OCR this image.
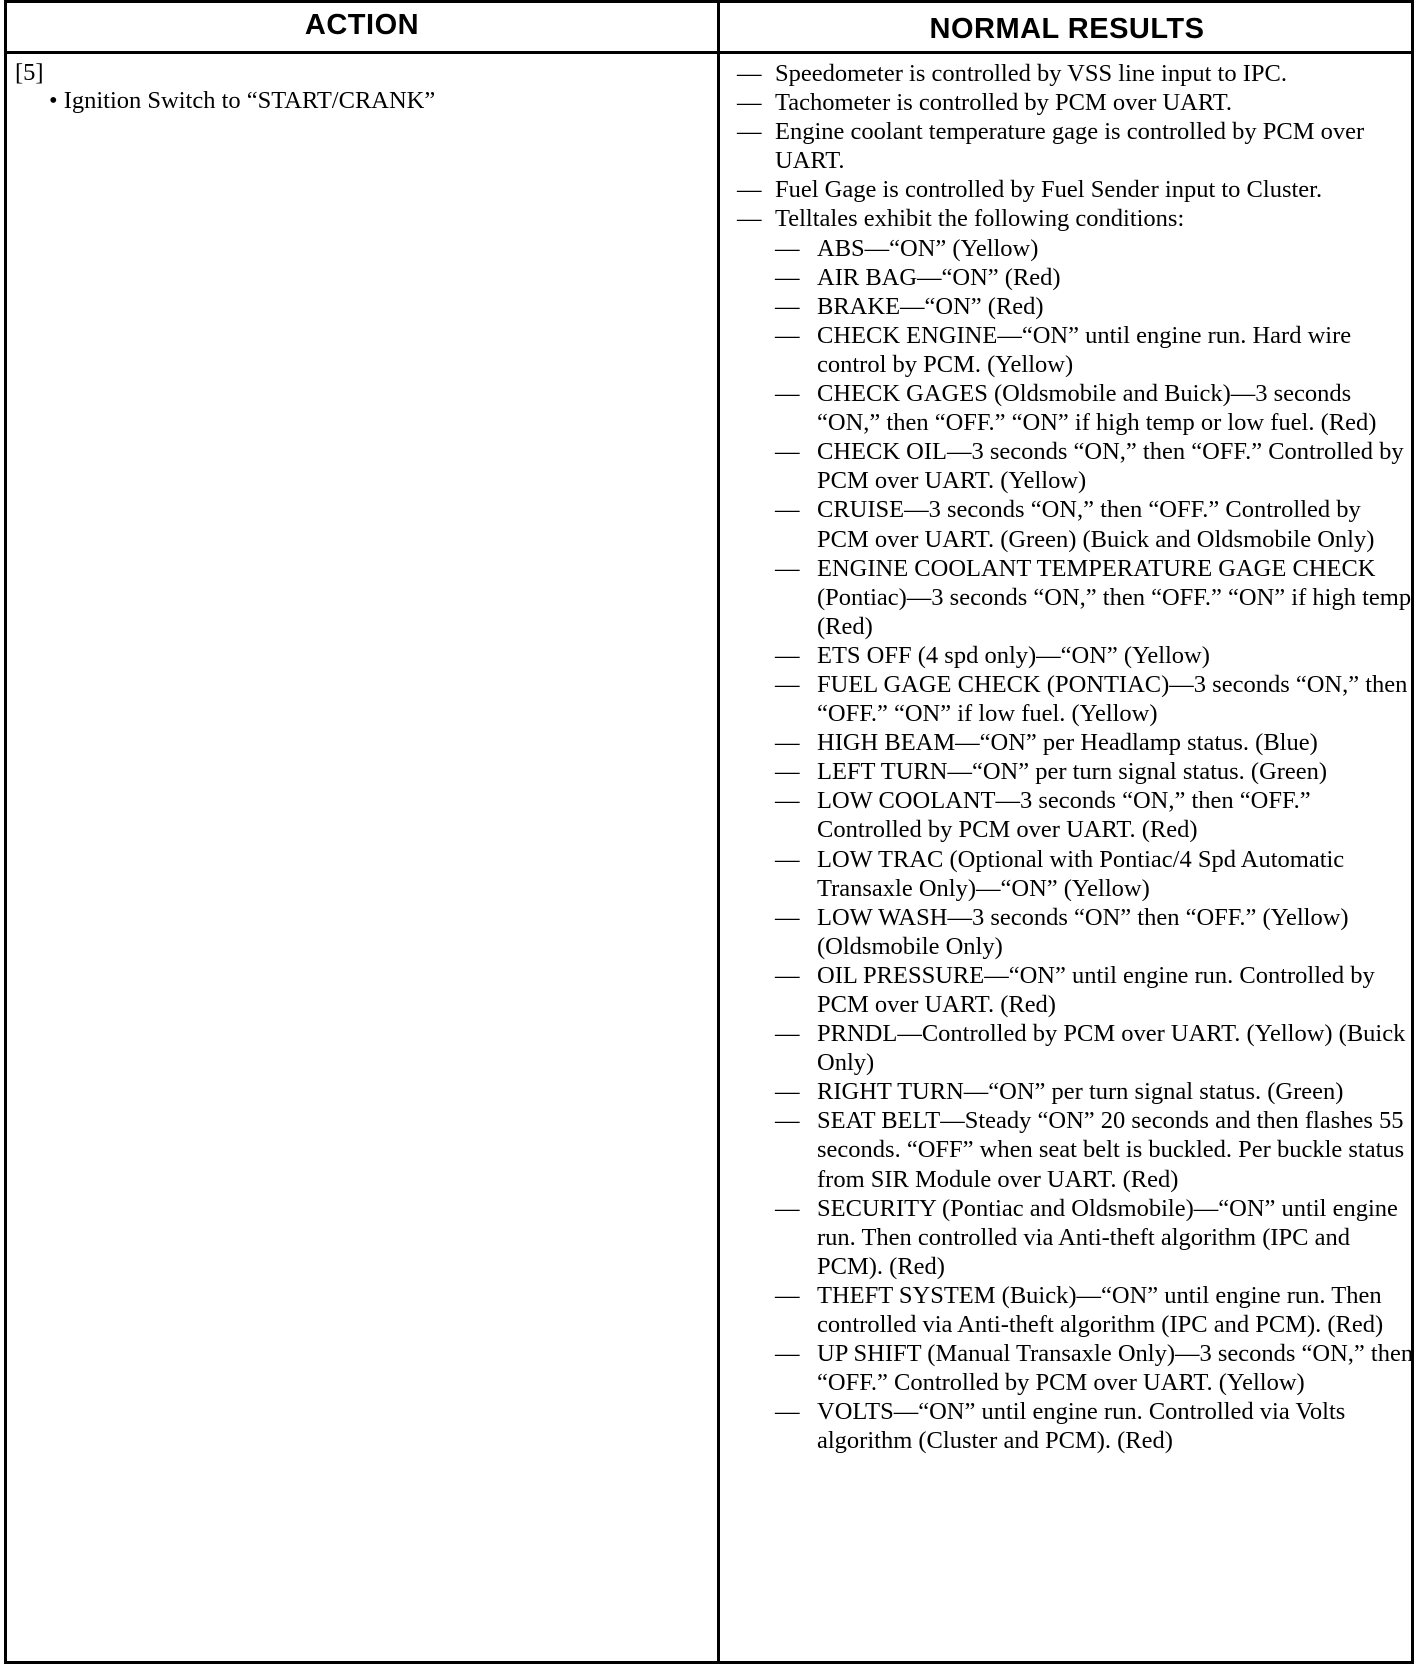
ACTION	NORMAL RESULTS

[5]

• Ignition Switch to “START/CRANK”

— Speedometer is controlled by VSS line input to IPC.
— Tachometer is controlled by PCM over UART.
— Engine coolant temperature gage is controlled by PCM over UART.
— Fuel Gage is controlled by Fuel Sender input to Cluster.
— Telltales exhibit the following conditions:
— ABS—“ON” (Yellow)
— AIR BAG—“ON” (Red)
— BRAKE—“ON” (Red)
— CHECK ENGINE—“ON” until engine run. Hard wire control by PCM. (Yellow)
— CHECK GAGES (Oldsmobile and Buick)—3 seconds “ON,” then “OFF.” “ON” if high temp or low fuel. (Red)
— CHECK OIL—3 seconds “ON,” then “OFF.” Controlled by PCM over UART. (Yellow)
— CRUISE—3 seconds “ON,” then “OFF.” Controlled by PCM over UART. (Green) (Buick and Oldsmobile Only)
— ENGINE COOLANT TEMPERATURE GAGE CHECK (Pontiac)—3 seconds “ON,” then “OFF.” “ON” if high temp (Red)
— ETS OFF (4 spd only)—“ON” (Yellow)
— FUEL GAGE CHECK (PONTIAC)—3 seconds “ON,” then “OFF.” “ON” if low fuel. (Yellow)
— HIGH BEAM—“ON” per Headlamp status. (Blue)
— LEFT TURN—“ON” per turn signal status. (Green)
— LOW COOLANT—3 seconds “ON,” then “OFF.” Controlled by PCM over UART. (Red)
— LOW TRAC (Optional with Pontiac/4 Spd Automatic Transaxle Only)—“ON” (Yellow)
— LOW WASH—3 seconds “ON” then “OFF.” (Yellow) (Oldsmobile Only)
— OIL PRESSURE—“ON” until engine run. Controlled by PCM over UART. (Red)
— PRNDL—Controlled by PCM over UART. (Yellow) (Buick Only)
— RIGHT TURN—“ON” per turn signal status. (Green)
— SEAT BELT—Steady “ON” 20 seconds and then flashes 55 seconds. “OFF” when seat belt is buckled. Per buckle status from SIR Module over UART. (Red)
— SECURITY (Pontiac and Oldsmobile)—“ON” until engine run. Then controlled via Anti-theft algorithm (IPC and PCM). (Red)
— THEFT SYSTEM (Buick)—“ON” until engine run. Then controlled via Anti-theft algorithm (IPC and PCM). (Red)
— UP SHIFT (Manual Transaxle Only)—3 seconds “ON,” then “OFF.” Controlled by PCM over UART. (Yellow)
— VOLTS—“ON” until engine run. Controlled via Volts algorithm (Cluster and PCM). (Red)
